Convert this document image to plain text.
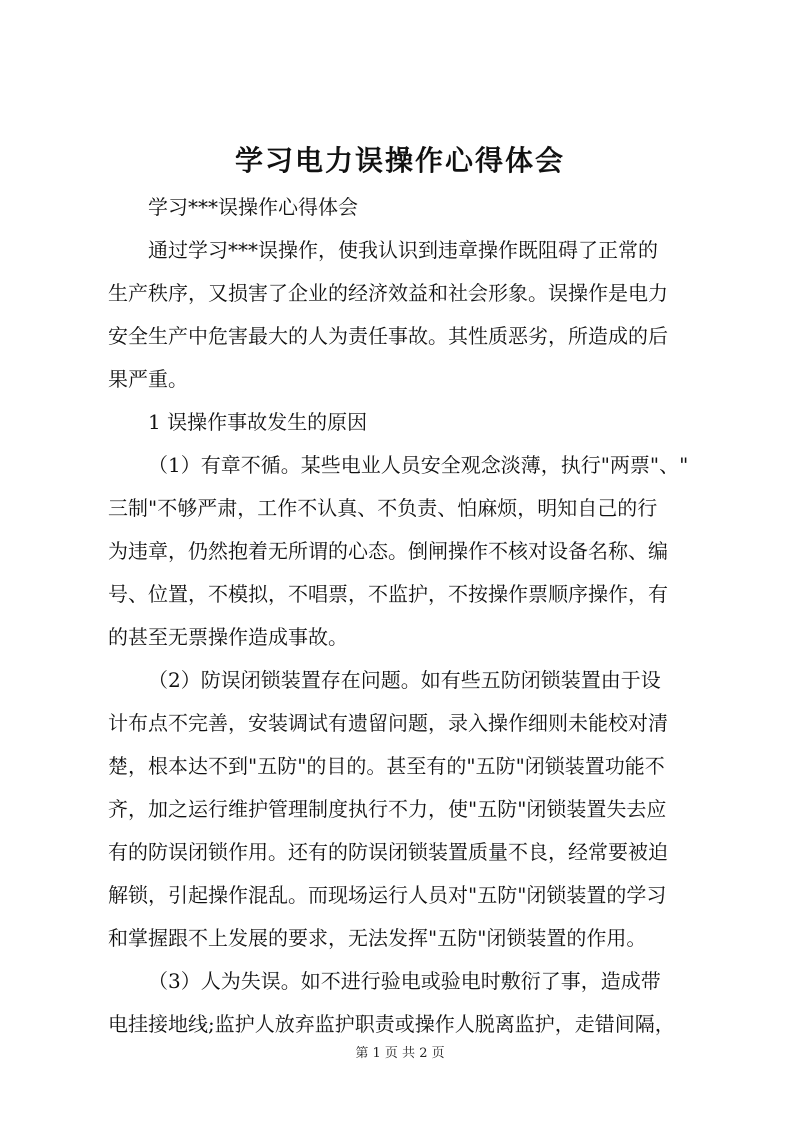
学习电力误操作心得体会
学习***误操作心得体会
通过学习***误操作，使我认识到违章操作既阻碍了正常的
生产秩序，又损害了企业的经济效益和社会形象。误操作是电力
安全生产中危害最大的人为责任事故。其性质恶劣，所造成的后
果严重。
1 误操作事故发生的原因
（1）有章不循。某些电业人员安全观念淡薄，执行"两票"、"
三制"不够严肃，工作不认真、不负责、怕麻烦，明知自己的行
为违章，仍然抱着无所谓的心态。倒闸操作不核对设备名称、编
号、位置，不模拟，不唱票，不监护，不按操作票顺序操作，有
的甚至无票操作造成事故。
（2）防误闭锁装置存在问题。如有些五防闭锁装置由于设
计布点不完善，安装调试有遗留问题，录入操作细则未能校对清
楚，根本达不到"五防"的目的。甚至有的"五防"闭锁装置功能不
齐，加之运行维护管理制度执行不力，使"五防"闭锁装置失去应
有的防误闭锁作用。还有的防误闭锁装置质量不良，经常要被迫
解锁，引起操作混乱。而现场运行人员对"五防"闭锁装置的学习
和掌握跟不上发展的要求，无法发挥"五防"闭锁装置的作用。
（3）人为失误。如不进行验电或验电时敷衍了事，造成带
电挂接地线;监护人放弃监护职责或操作人脱离监护，走错间隔，
第 1 页 共 2 页
